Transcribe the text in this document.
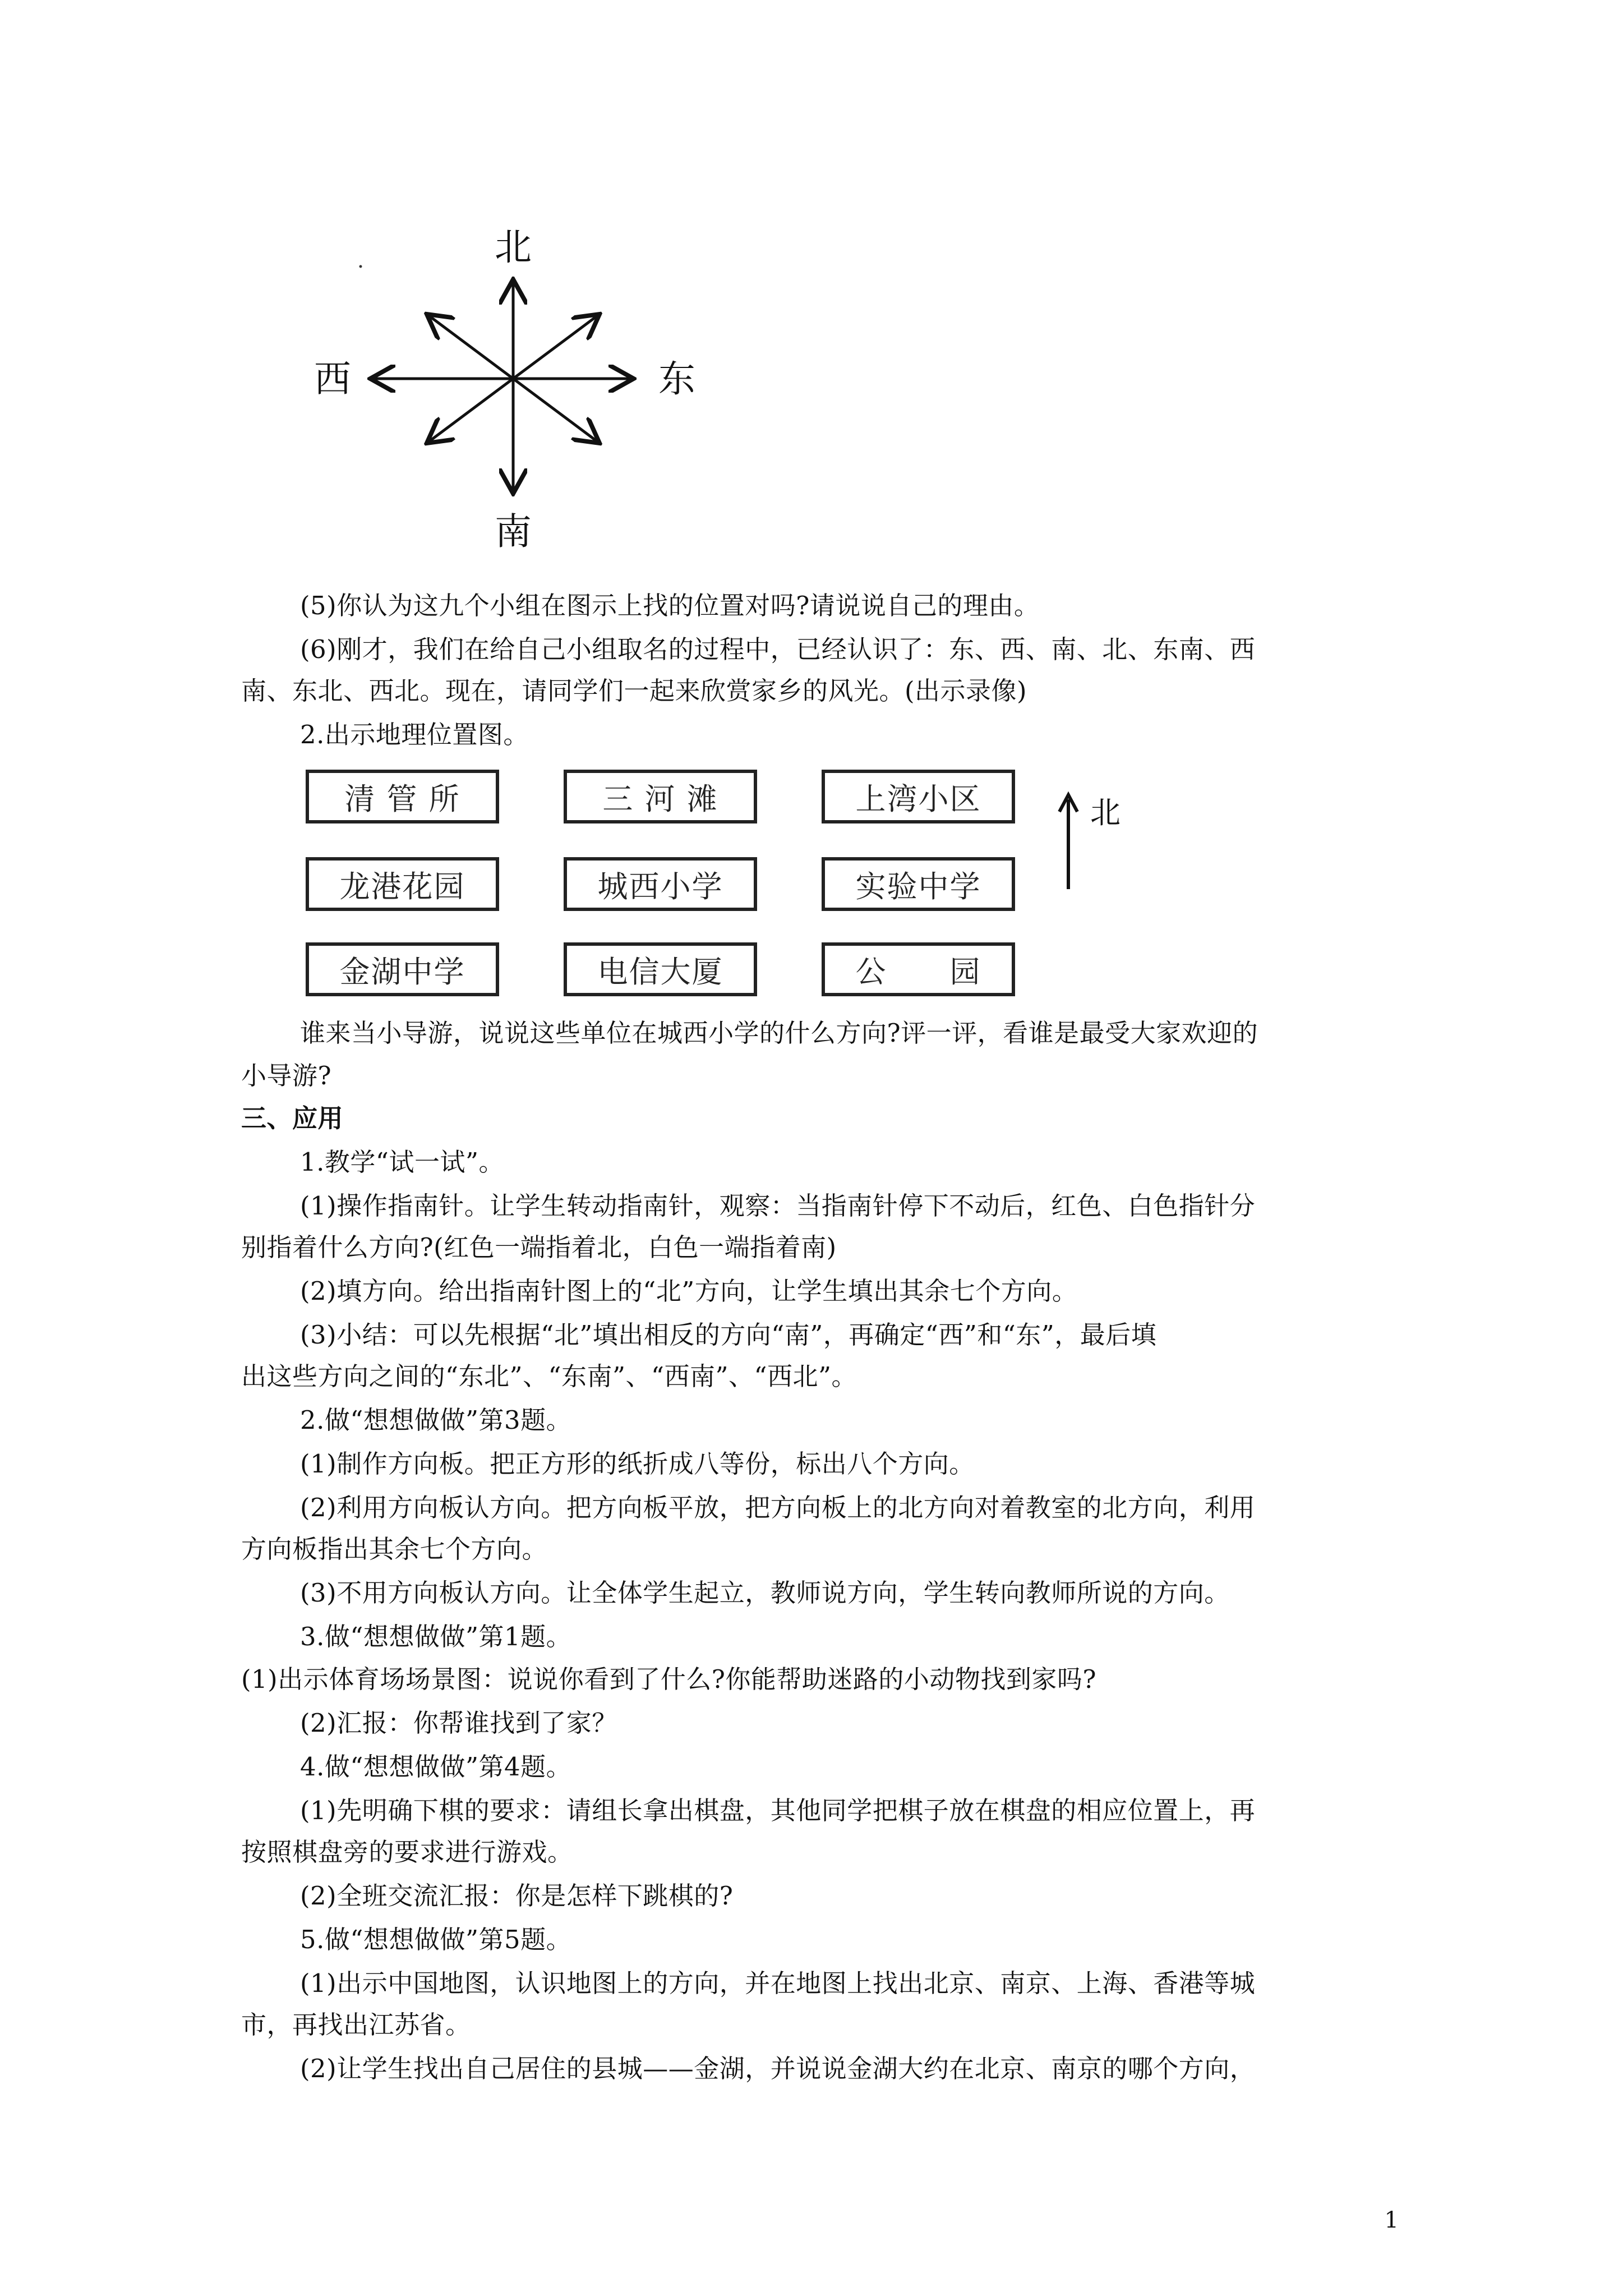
北
南
东
西
(5)你认为这九个小组在图示上找的位置对吗?请说说自己的理由。
(6)刚才，我们在给自己小组取名的过程中，已经认识了：东、西、南、北、东南、西
南、东北、西北。现在，请同学们一起来欣赏家乡的风光。(出示录像)
2.出示地理位置图。
清 管 所	三 河 滩	上湾小区
龙港花园	城西小学	实验中学
金湖中学	电信大厦	公　　园
北
谁来当小导游，说说这些单位在城西小学的什么方向?评一评，看谁是最受大家欢迎的
小导游?
三、应用
1.教学“试一试”。
(1)操作指南针。让学生转动指南针，观察：当指南针停下不动后，红色、白色指针分
别指着什么方向?(红色一端指着北，白色一端指着南)
(2)填方向。给出指南针图上的“北”方向，让学生填出其余七个方向。
(3)小结：可以先根据“北”填出相反的方向“南”，再确定“西”和“东”，最后填
出这些方向之间的“东北”、“东南”、“西南”、“西北”。
2.做“想想做做”第3题。
(1)制作方向板。把正方形的纸折成八等份，标出八个方向。
(2)利用方向板认方向。把方向板平放，把方向板上的北方向对着教室的北方向，利用
方向板指出其余七个方向。
(3)不用方向板认方向。让全体学生起立，教师说方向，学生转向教师所说的方向。
3.做“想想做做”第1题。
(1)出示体育场场景图：说说你看到了什么?你能帮助迷路的小动物找到家吗?
(2)汇报：你帮谁找到了家？
4.做“想想做做”第4题。
(1)先明确下棋的要求：请组长拿出棋盘，其他同学把棋子放在棋盘的相应位置上，再
按照棋盘旁的要求进行游戏。
(2)全班交流汇报：你是怎样下跳棋的?
5.做“想想做做”第5题。
(1)出示中国地图，认识地图上的方向，并在地图上找出北京、南京、上海、香港等城
市，再找出江苏省。
(2)让学生找出自己居住的县城——金湖，并说说金湖大约在北京、南京的哪个方向，
1
